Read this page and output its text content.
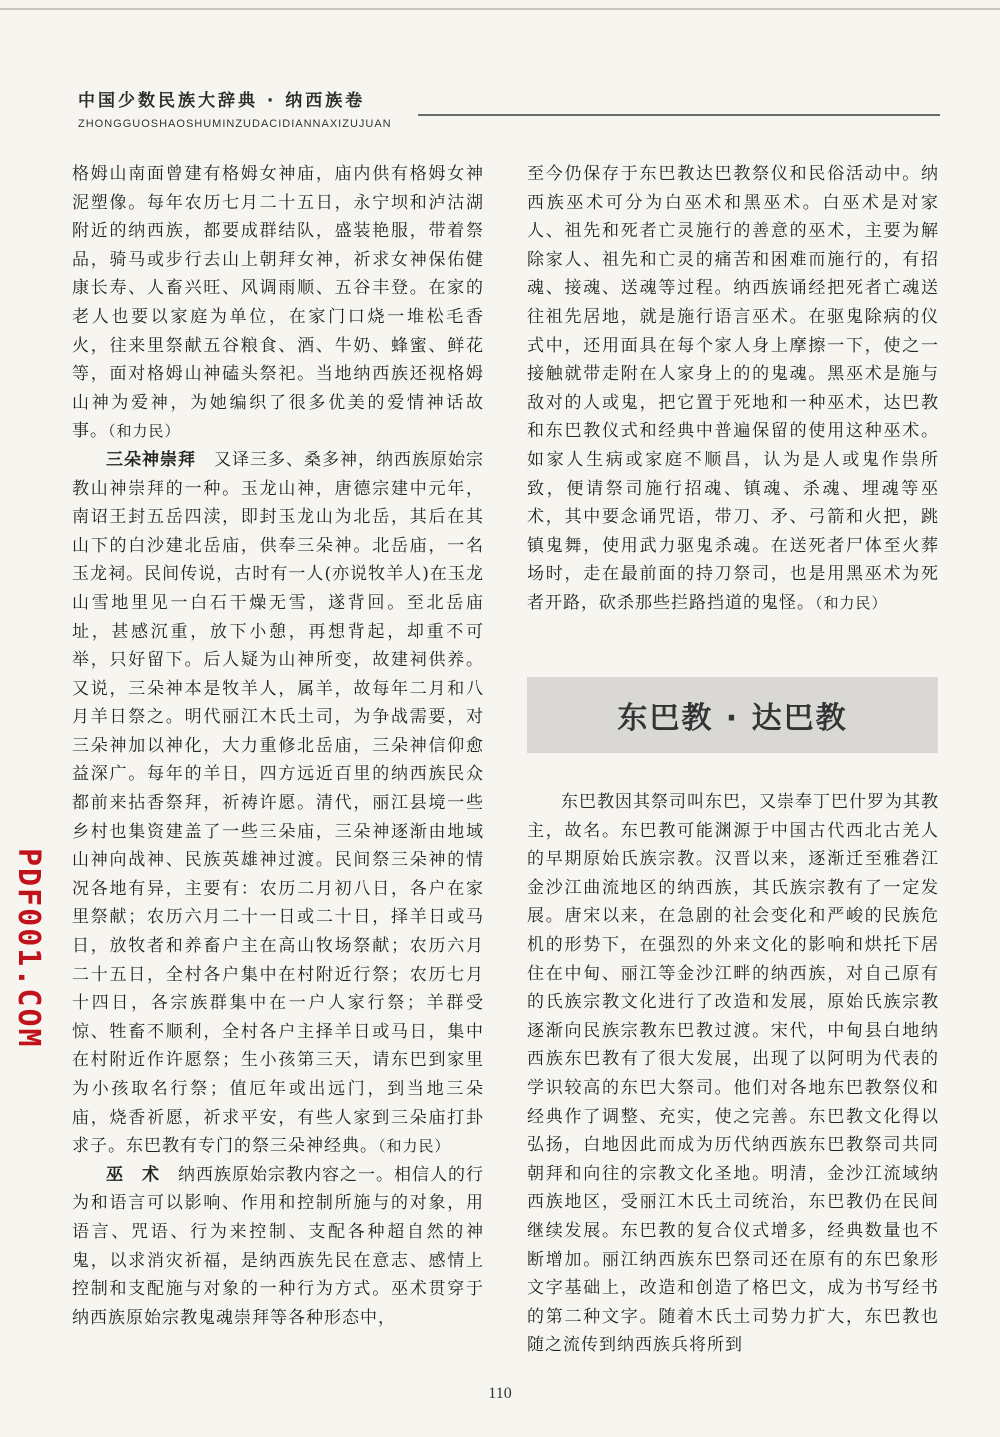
中国少数民族大辞典 · 纳西族卷
ZHONGGUOSHAOSHUMINZUDACIDIANNAXIZUJUAN

格姆山南面曾建有格姆女神庙，庙内供有格姆女神泥塑像。每年农历七月二十五日，永宁坝和泸沽湖附近的纳西族，都要成群结队，盛装艳服，带着祭品，骑马或步行去山上朝拜女神，祈求女神保佑健康长寿、人畜兴旺、风调雨顺、五谷丰登。在家的老人也要以家庭为单位，在家门口烧一堆松毛香火，往来里祭献五谷粮食、酒、牛奶、蜂蜜、鲜花等，面对格姆山神磕头祭祀。当地纳西族还视格姆山神为爱神，为她编织了很多优美的爱情神话故事。（和力民）

三朵神崇拜　 又译三多、桑多神，纳西族原始宗教山神崇拜的一种。玉龙山神，唐德宗建中元年，南诏王封五岳四渎，即封玉龙山为北岳，其后在其山下的白沙建北岳庙，供奉三朵神。北岳庙，一名玉龙祠。民间传说，古时有一人(亦说牧羊人)在玉龙山雪地里见一白石干燥无雪，遂背回。至北岳庙址，甚感沉重，放下小憩，再想背起，却重不可举，只好留下。后人疑为山神所变，故建祠供养。又说，三朵神本是牧羊人，属羊，故每年二月和八月羊日祭之。明代丽江木氏土司，为争战需要，对三朵神加以神化，大力重修北岳庙，三朵神信仰愈益深广。每年的羊日，四方远近百里的纳西族民众都前来拈香祭拜，祈祷许愿。清代，丽江县境一些乡村也集资建盖了一些三朵庙，三朵神逐渐由地域山神向战神、民族英雄神过渡。民间祭三朵神的情况各地有异，主要有：农历二月初八日，各户在家里祭献；农历六月二十一日或二十日，择羊日或马日，放牧者和养畜户主在高山牧场祭献；农历六月二十五日，全村各户集中在村附近行祭；农历七月十四日，各宗族群集中在一户人家行祭；羊群受惊、牲畜不顺利，全村各户主择羊日或马日，集中在村附近作许愿祭；生小孩第三天，请东巴到家里为小孩取名行祭；值厄年或出远门，到当地三朵庙，烧香祈愿，祈求平安，有些人家到三朵庙打卦求子。东巴教有专门的祭三朵神经典。（和力民）

巫　术　 纳西族原始宗教内容之一。相信人的行为和语言可以影响、作用和控制所施与的对象，用语言、咒语、行为来控制、支配各种超自然的神鬼，以求消灾祈福，是纳西族先民在意志、感情上控制和支配施与对象的一种行为方式。巫术贯穿于纳西族原始宗教鬼魂崇拜等各种形态中，

至今仍保存于东巴教达巴教祭仪和民俗活动中。纳西族巫术可分为白巫术和黑巫术。白巫术是对家人、祖先和死者亡灵施行的善意的巫术，主要为解除家人、祖先和亡灵的痛苦和困难而施行的，有招魂、接魂、送魂等过程。纳西族诵经把死者亡魂送往祖先居地，就是施行语言巫术。在驱鬼除病的仪式中，还用面具在每个家人身上摩擦一下，使之一接触就带走附在人家身上的的鬼魂。黑巫术是施与敌对的人或鬼，把它置于死地和一种巫术，达巴教和东巴教仪式和经典中普遍保留的使用这种巫术。如家人生病或家庭不顺昌，认为是人或鬼作祟所致，便请祭司施行招魂、镇魂、杀魂、埋魂等巫术，其中要念诵咒语，带刀、矛、弓箭和火把，跳镇鬼舞，使用武力驱鬼杀魂。在送死者尸体至火葬场时，走在最前面的持刀祭司，也是用黑巫术为死者开路，砍杀那些拦路挡道的鬼怪。（和力民）

东巴教 · 达巴教

东巴教因其祭司叫东巴，又崇奉丁巴什罗为其教主，故名。东巴教可能渊源于中国古代西北古羌人的早期原始氏族宗教。汉晋以来，逐渐迁至雅砻江金沙江曲流地区的纳西族，其氏族宗教有了一定发展。唐宋以来，在急剧的社会变化和严峻的民族危机的形势下，在强烈的外来文化的影响和烘托下居住在中甸、丽江等金沙江畔的纳西族，对自己原有的氏族宗教文化进行了改造和发展，原始氏族宗教逐渐向民族宗教东巴教过渡。宋代，中甸县白地纳西族东巴教有了很大发展，出现了以阿明为代表的学识较高的东巴大祭司。他们对各地东巴教祭仪和经典作了调整、充实，使之完善。东巴教文化得以弘扬，白地因此而成为历代纳西族东巴教祭司共同朝拜和向往的宗教文化圣地。明清，金沙江流域纳西族地区，受丽江木氏土司统治，东巴教仍在民间继续发展。东巴教的复合仪式增多，经典数量也不断增加。丽江纳西族东巴祭司还在原有的东巴象形文字基础上，改造和创造了格巴文，成为书写经书的第二种文字。随着木氏土司势力扩大，东巴教也随之流传到纳西族兵将所到

PDF001.COM
110
